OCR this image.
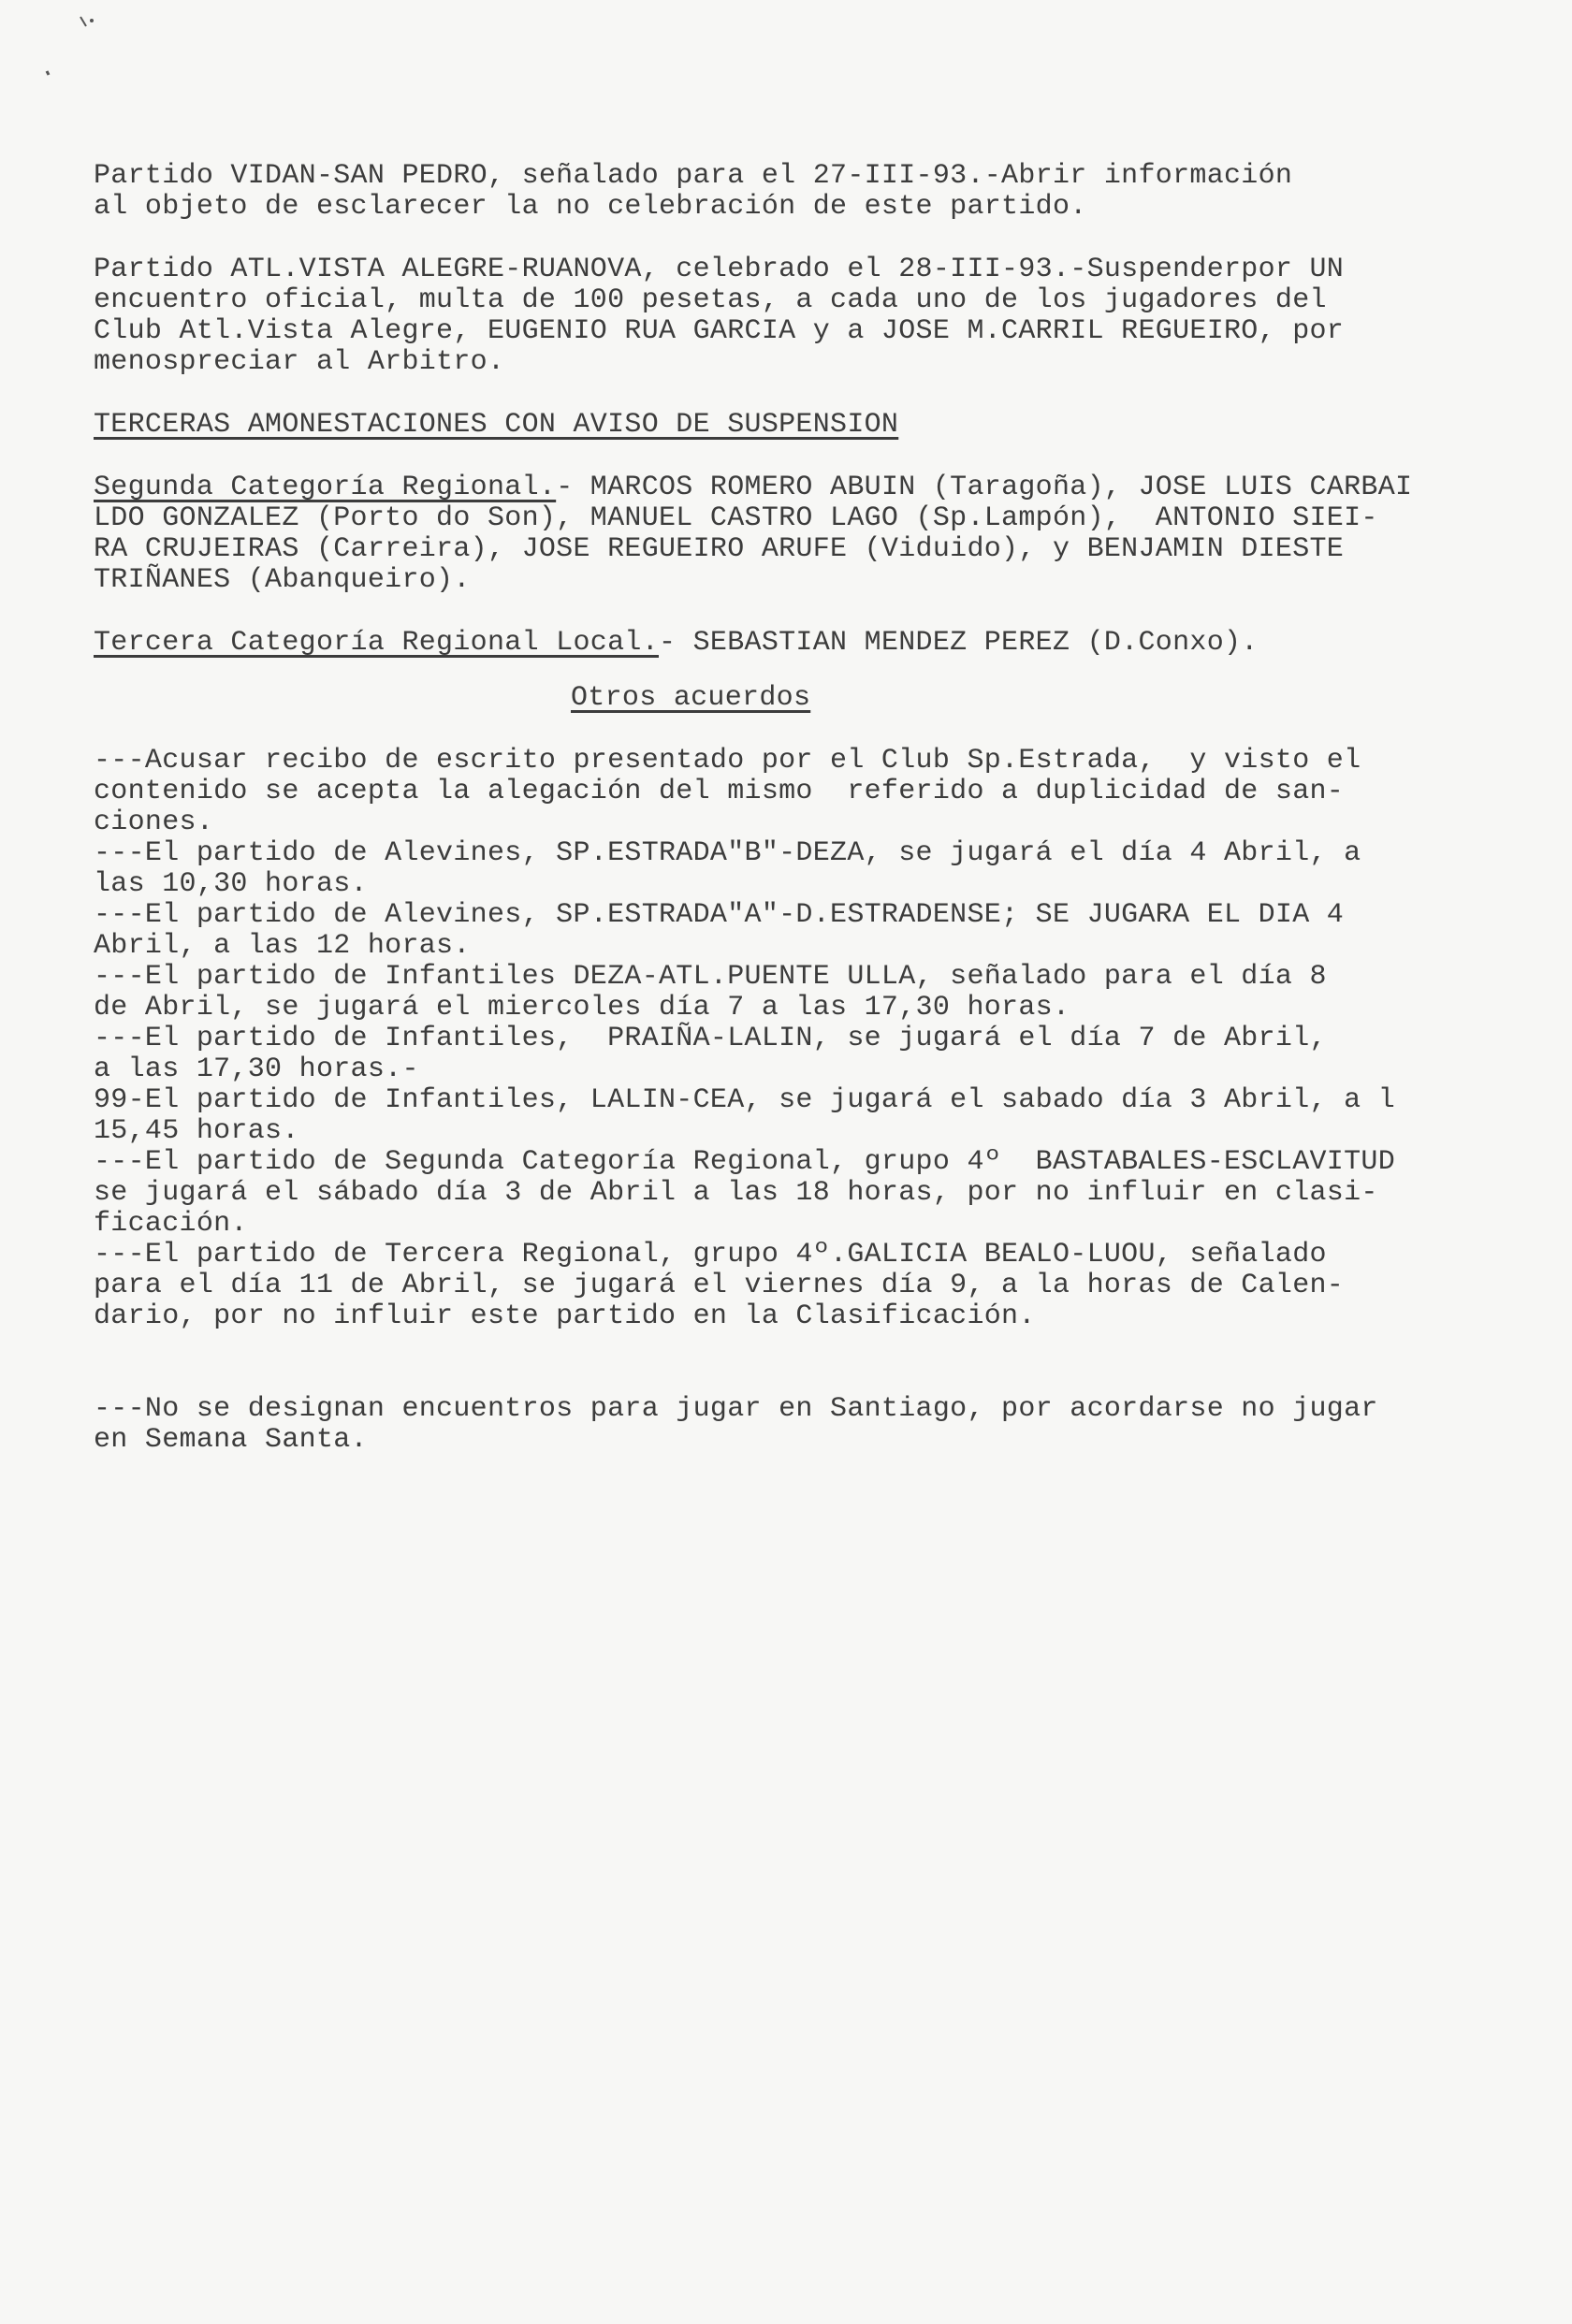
Partido VIDAN-SAN PEDRO, señalado para el 27-III-93.-Abrir información
al objeto de esclarecer la no celebración de este partido.
Partido ATL.VISTA ALEGRE-RUANOVA, celebrado el 28-III-93.-Suspenderpor UN
encuentro oficial, multa de 100 pesetas, a cada uno de los jugadores del
Club Atl.Vista Alegre, EUGENIO RUA GARCIA y a JOSE M.CARRIL REGUEIRO, por
menospreciar al Arbitro.
TERCERAS AMONESTACIONES CON AVISO DE SUSPENSION
Segunda Categoría Regional.- MARCOS ROMERO ABUIN (Taragoña), JOSE LUIS CARBAI
LDO GONZALEZ (Porto do Son), MANUEL CASTRO LAGO (Sp.Lampón),  ANTONIO SIEI-
RA CRUJEIRAS (Carreira), JOSE REGUEIRO ARUFE (Viduido), y BENJAMIN DIESTE
TRIÑANES (Abanqueiro).
Tercera Categoría Regional Local.- SEBASTIAN MENDEZ PEREZ (D.Conxo).
Otros acuerdos
---Acusar recibo de escrito presentado por el Club Sp.Estrada,  y visto el
contenido se acepta la alegación del mismo  referido a duplicidad de san-
ciones.
---El partido de Alevines, SP.ESTRADA"B"-DEZA, se jugará el día 4 Abril, a
las 10,30 horas.
---El partido de Alevines, SP.ESTRADA"A"-D.ESTRADENSE; SE JUGARA EL DIA 4
Abril, a las 12 horas.
---El partido de Infantiles DEZA-ATL.PUENTE ULLA, señalado para el día 8
de Abril, se jugará el miercoles día 7 a las 17,30 horas.
---El partido de Infantiles,  PRAIÑA-LALIN, se jugará el día 7 de Abril,
a las 17,30 horas.-
99-El partido de Infantiles, LALIN-CEA, se jugará el sabado día 3 Abril, a l
15,45 horas.
---El partido de Segunda Categoría Regional, grupo 4º  BASTABALES-ESCLAVITUD
se jugará el sábado día 3 de Abril a las 18 horas, por no influir en clasi-
ficación.
---El partido de Tercera Regional, grupo 4º.GALICIA BEALO-LUOU, señalado
para el día 11 de Abril, se jugará el viernes día 9, a la horas de Calen-
dario, por no influir este partido en la Clasificación.
---No se designan encuentros para jugar en Santiago, por acordarse no jugar
en Semana Santa.
